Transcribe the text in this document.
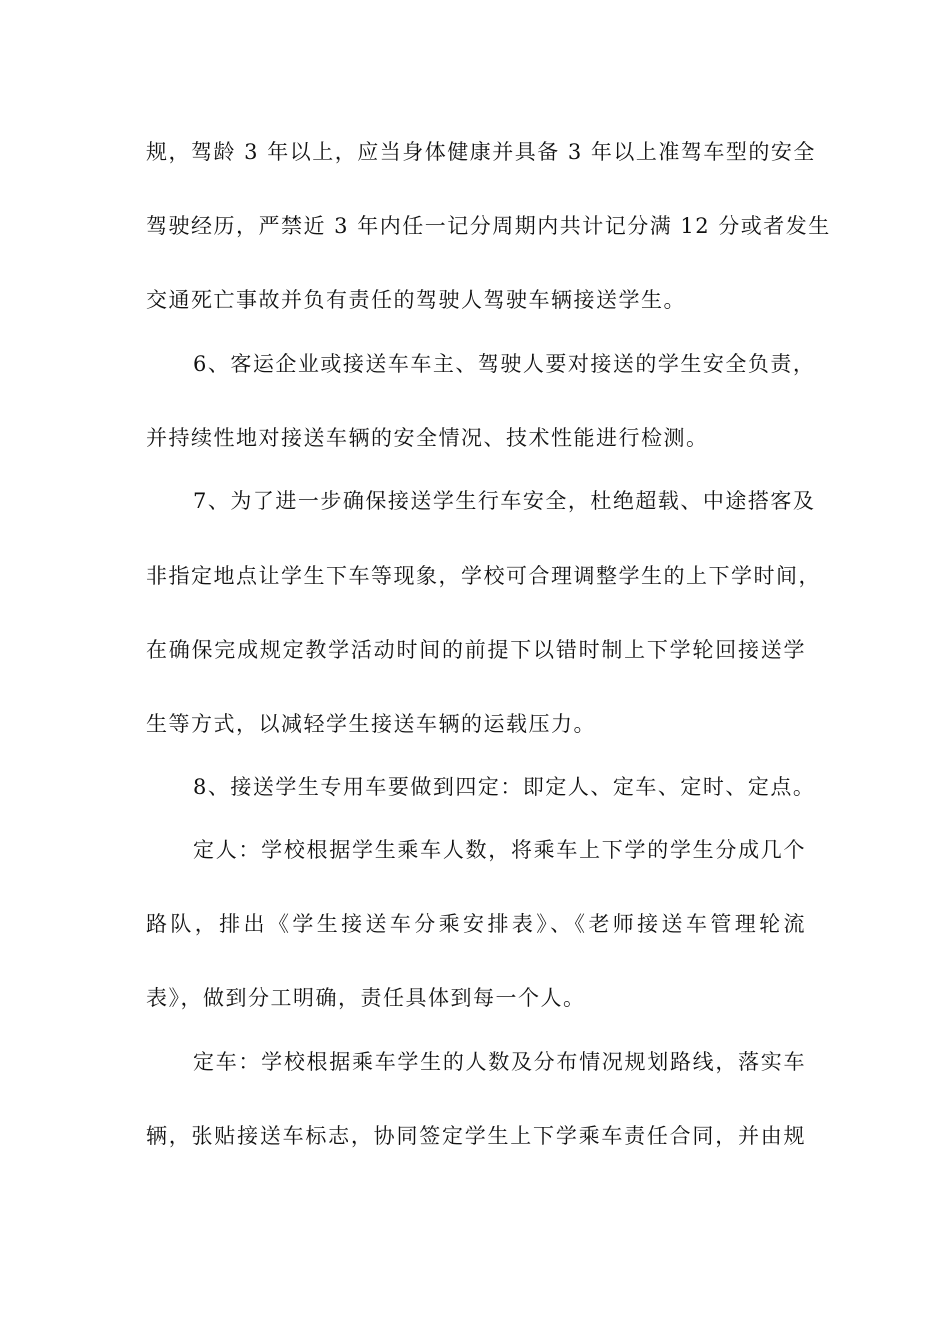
规，驾龄 3 年以上，应当身体健康并具备 3 年以上准驾车型的安全
驾驶经历，严禁近 3 年内任一记分周期内共计记分满 12 分或者发生
交通死亡事故并负有责任的驾驶人驾驶车辆接送学生。
6、客运企业或接送车车主、驾驶人要对接送的学生安全负责，
并持续性地对接送车辆的安全情况、技术性能进行检测。
7、为了进一步确保接送学生行车安全，杜绝超载、中途搭客及
非指定地点让学生下车等现象，学校可合理调整学生的上下学时间，
在确保完成规定教学活动时间的前提下以错时制上下学轮回接送学
生等方式，以减轻学生接送车辆的运载压力。
8、接送学生专用车要做到四定：即定人、定车、定时、定点。
定人：学校根据学生乘车人数，将乘车上下学的学生分成几个
路队，排出《学生接送车分乘安排表》、《老师接送车管理轮流
表》，做到分工明确，责任具体到每一个人。
定车：学校根据乘车学生的人数及分布情况规划路线，落实车
辆，张贴接送车标志，协同签定学生上下学乘车责任合同，并由规
